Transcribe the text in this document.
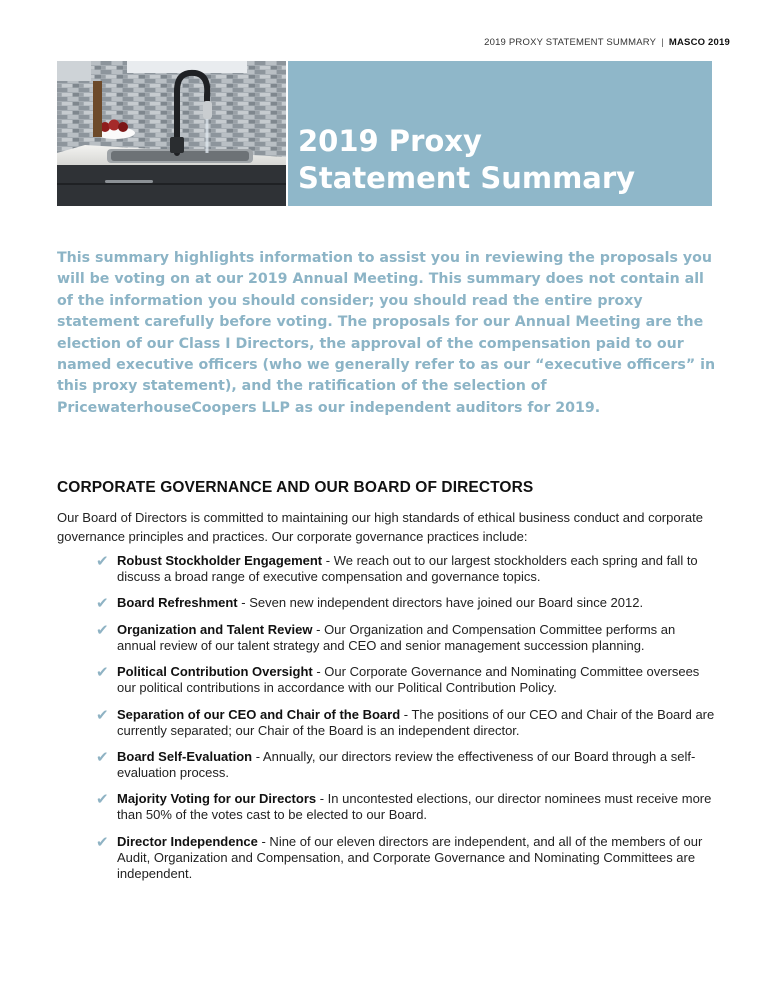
2019 PROXY STATEMENT SUMMARY | MASCO 2019
2019 Proxy
Statement Summary

This summary highlights information to assist you in reviewing the proposals you will be voting on at our 2019 Annual Meeting. This summary does not contain all of the information you should consider; you should read the entire proxy statement carefully before voting. The proposals for our Annual Meeting are the election of our Class I Directors, the approval of the compensation paid to our named executive officers (who we generally refer to as our “executive officers” in this proxy statement), and the ratification of the selection of PricewaterhouseCoopers LLP as our independent auditors for 2019.

CORPORATE GOVERNANCE AND OUR BOARD OF DIRECTORS

Our Board of Directors is committed to maintaining our high standards of ethical business conduct and corporate governance principles and practices. Our corporate governance practices include:

✔ Robust Stockholder Engagement - We reach out to our largest stockholders each spring and fall to discuss a broad range of executive compensation and governance topics.
✔ Board Refreshment - Seven new independent directors have joined our Board since 2012.
✔ Organization and Talent Review - Our Organization and Compensation Committee performs an annual review of our talent strategy and CEO and senior management succession planning.
✔ Political Contribution Oversight - Our Corporate Governance and Nominating Committee oversees our political contributions in accordance with our Political Contribution Policy.
✔ Separation of our CEO and Chair of the Board - The positions of our CEO and Chair of the Board are currently separated; our Chair of the Board is an independent director.
✔ Board Self-Evaluation - Annually, our directors review the effectiveness of our Board through a self-evaluation process.
✔ Majority Voting for our Directors - In uncontested elections, our director nominees must receive more than 50% of the votes cast to be elected to our Board.
✔ Director Independence - Nine of our eleven directors are independent, and all of the members of our Audit, Organization and Compensation, and Corporate Governance and Nominating Committees are independent.
